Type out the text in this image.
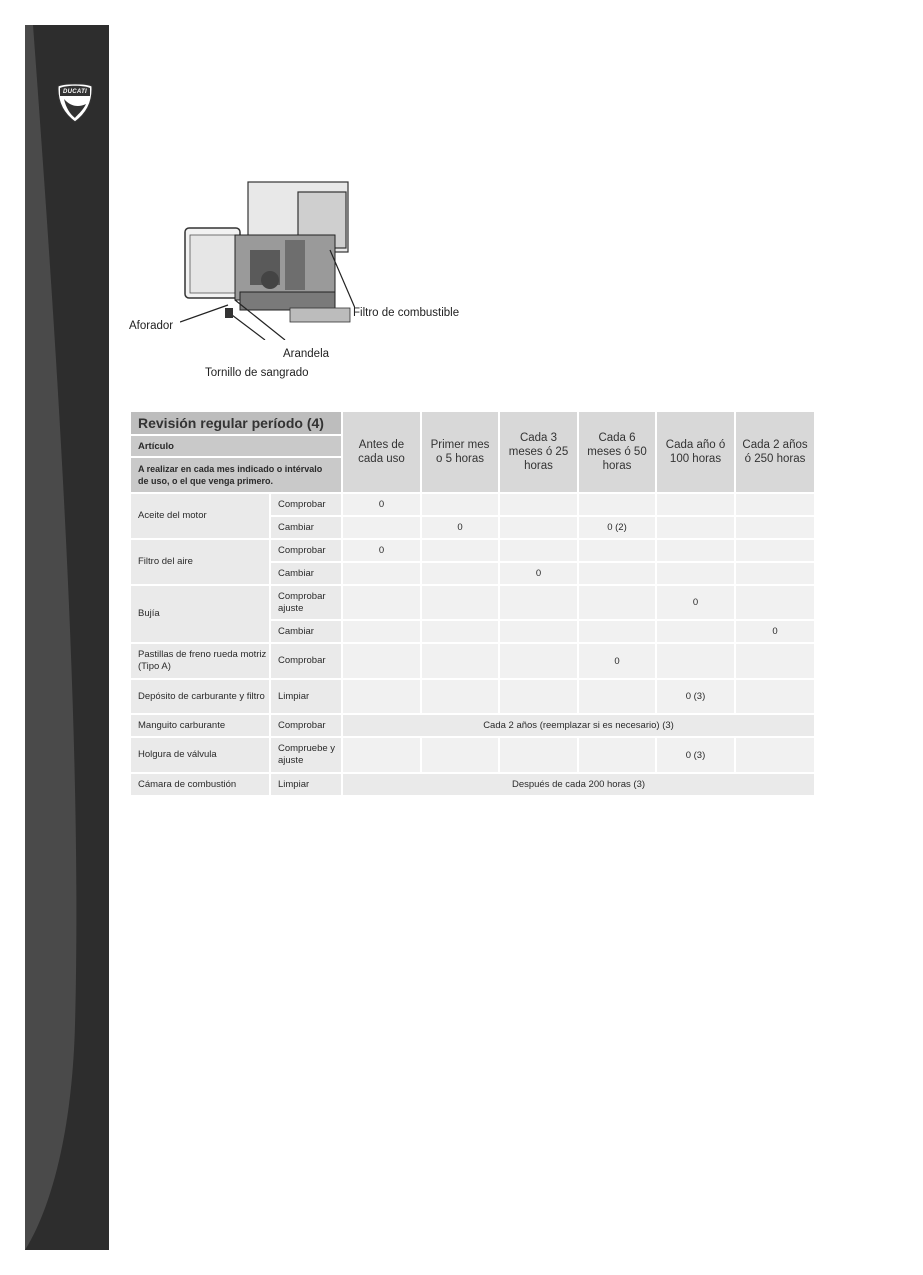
DUCATI
Filtro de combustible
Aforador
Arandela
Tornillo de sangrado
Revisión regular período (4)		Antes de cada uso	Primer mes o 5 horas	Cada 3 meses ó 25 horas	Cada 6 meses ó 50 horas	Cada año ó 100 horas	Cada 2 años ó 250 horas
Artículo							
A realizar en cada mes indicado o intérvalo de uso, o el que venga primero.							
Aceite del motor	Comprobar	0					
	Cambiar		0		0 (2)		
Filtro del aire	Comprobar	0					
	Cambiar			0			
Bujía	Comprobar ajuste					0	
	Cambiar						0
Pastillas de freno rueda motriz (Tipo A)	Comprobar				0		
Depósito de carburante y filtro	Limpiar					0 (3)	
Manguito carburante	Comprobar	Cada 2 años (reemplazar si es necesario) (3)					
Holgura de válvula	Compruebe y ajuste					0 (3)	
Cámara de combustión	Limpiar	Después de cada 200 horas (3)					
